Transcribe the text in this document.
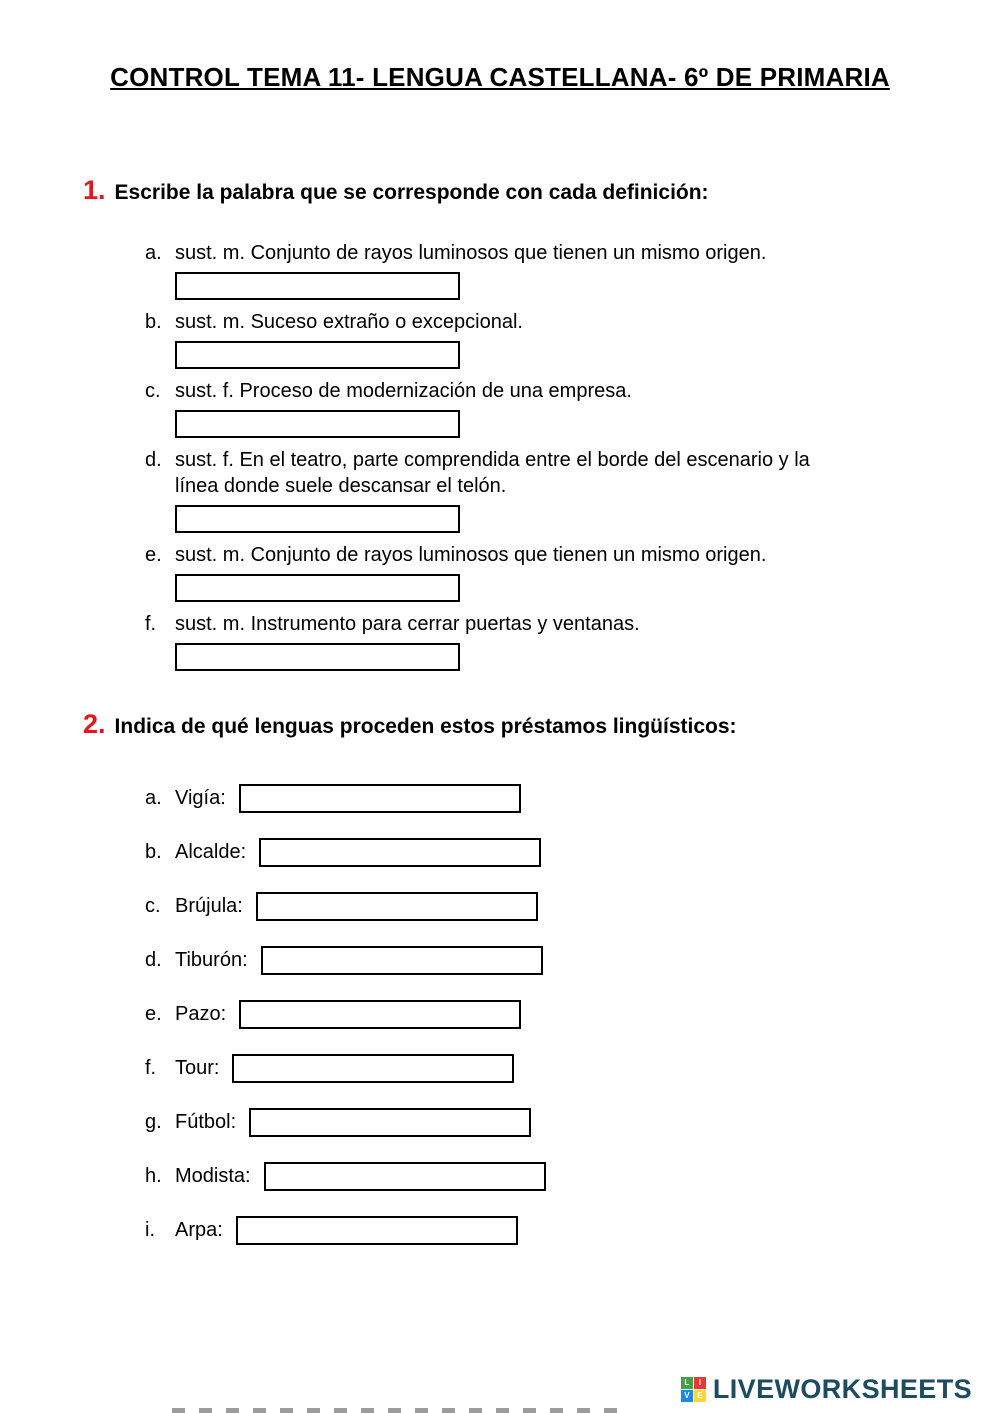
CONTROL TEMA 11- LENGUA CASTELLANA- 6º DE PRIMARIA
1. Escribe la palabra que se corresponde con cada definición:
a. sust. m. Conjunto de rayos luminosos que tienen un mismo origen.
b. sust. m. Suceso extraño o excepcional.
c. sust. f. Proceso de modernización de una empresa.
d. sust. f. En el teatro, parte comprendida entre el borde del escenario y la línea donde suele descansar el telón.
e. sust. m. Conjunto de rayos luminosos que tienen un mismo origen.
f. sust. m. Instrumento para cerrar puertas y ventanas.
2. Indica de qué lenguas proceden estos préstamos lingüísticos:
a. Vigía:
b. Alcalde:
c. Brújula:
d. Tiburón:
e. Pazo:
f. Tour:
g. Fútbol:
h. Modista:
i.	Arpa:
L	I
V E LIVEWORKSHEETS
